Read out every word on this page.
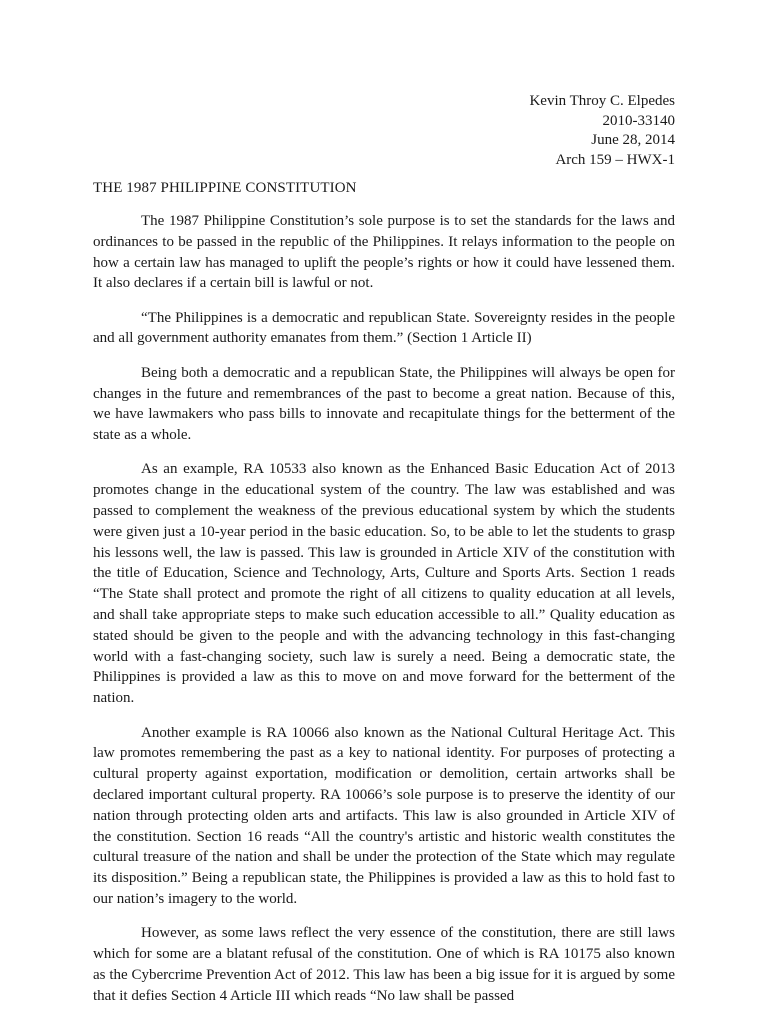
Kevin Throy C. Elpedes
2010-33140
June 28, 2014
Arch 159 – HWX-1
THE 1987 PHILIPPINE CONSTITUTION

The 1987 Philippine Constitution’s sole purpose is to set the standards for the laws and ordinances to be passed in the republic of the Philippines. It relays information to the people on how a certain law has managed to uplift the people’s rights or how it could have lessened them. It also declares if a certain bill is lawful or not.

“The Philippines is a democratic and republican State. Sovereignty resides in the people and all government authority emanates from them.” (Section 1 Article II)

Being both a democratic and a republican State, the Philippines will always be open for changes in the future and remembrances of the past to become a great nation. Because of this, we have lawmakers who pass bills to innovate and recapitulate things for the betterment of the state as a whole.

As an example, RA 10533 also known as the Enhanced Basic Education Act of 2013 promotes change in the educational system of the country. The law was established and was passed to complement the weakness of the previous educational system by which the students were given just a 10-year period in the basic education. So, to be able to let the students to grasp his lessons well, the law is passed. This law is grounded in Article XIV of the constitution with the title of Education, Science and Technology, Arts, Culture and Sports Arts. Section 1 reads “The State shall protect and promote the right of all citizens to quality education at all levels, and shall take appropriate steps to make such education accessible to all.” Quality education as stated should be given to the people and with the advancing technology in this fast-changing world with a fast-changing society, such law is surely a need. Being a democratic state, the Philippines is provided a law as this to move on and move forward for the betterment of the nation.

Another example is RA 10066 also known as the National Cultural Heritage Act. This law promotes remembering the past as a key to national identity. For purposes of protecting a cultural property against exportation, modification or demolition, certain artworks shall be declared important cultural property. RA 10066’s sole purpose is to preserve the identity of our nation through protecting olden arts and artifacts. This law is also grounded in Article XIV of the constitution. Section 16 reads “All the country's artistic and historic wealth constitutes the cultural treasure of the nation and shall be under the protection of the State which may regulate its disposition.” Being a republican state, the Philippines is provided a law as this to hold fast to our nation’s imagery to the world.

However, as some laws reflect the very essence of the constitution, there are still laws which for some are a blatant refusal of the constitution. One of which is RA 10175 also known as the Cybercrime Prevention Act of 2012. This law has been a big issue for it is argued by some that it defies Section 4 Article III which reads “No law shall be passed
